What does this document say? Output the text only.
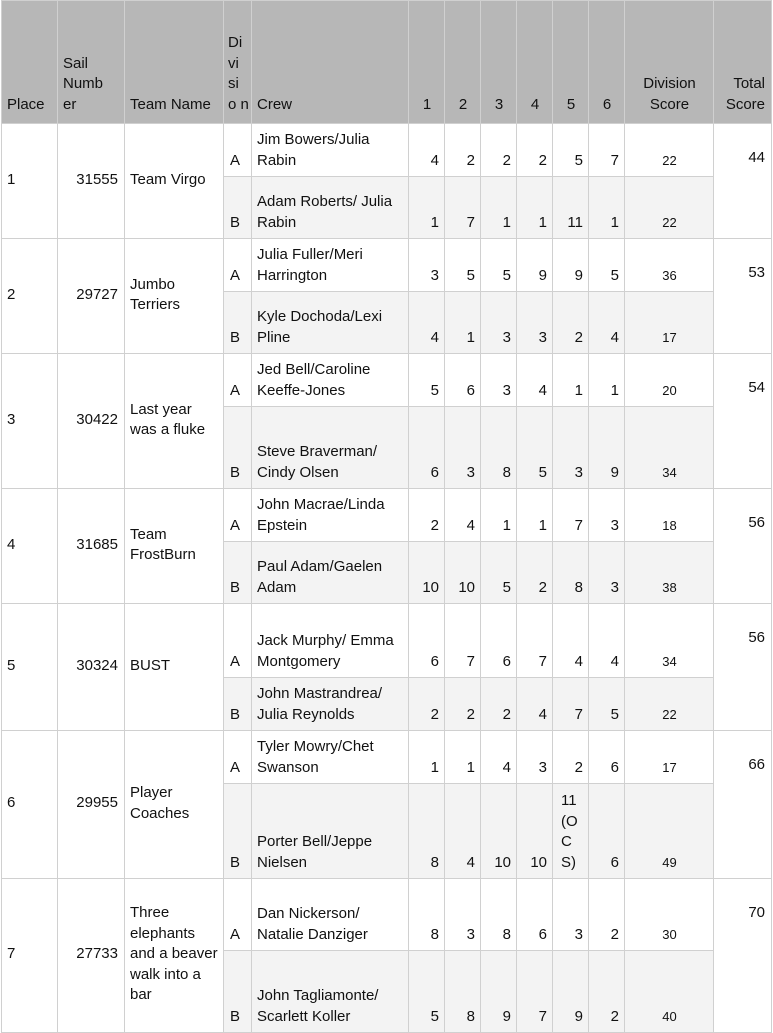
Place	Sail Numb er	Team Name	Di vi si o n	Crew	1	2	3	4	5	6	Division Score	Total Score
1	31555	Team Virgo	A	Jim Bowers/Julia Rabin	4	2	2	2	5	7	22	44
			B	Adam Roberts/ Julia Rabin	1	7	1	1	11	1	22	
2	29727	Jumbo Terriers	A	Julia Fuller/Meri Harrington	3	5	5	9	9	5	36	53
			B	Kyle Dochoda/Lexi Pline	4	1	3	3	2	4	17	
3	30422	Last year was a fluke	A	Jed Bell/Caroline Keeffe-Jones	5	6	3	4	1	1	20	54
			B	Steve Braverman/ Cindy Olsen	6	3	8	5	3	9	34	
4	31685	Team FrostBurn	A	John Macrae/Linda Epstein	2	4	1	1	7	3	18	56
			B	Paul Adam/Gaelen Adam	10	10	5	2	8	3	38	
5	30324	BUST	A	Jack Murphy/ Emma Montgomery	6	7	6	7	4	4	34	56
			B	John Mastrandrea/ Julia Reynolds	2	2	2	4	7	5	22	
6	29955	Player Coaches	A	Tyler Mowry/Chet Swanson	1	1	4	3	2	6	17	66
			B	Porter Bell/Jeppe Nielsen	8	4	10	10	11 (OCS)	6	49	
7	27733	Three elephants and a beaver walk into a bar	A	Dan Nickerson/ Natalie Danziger	8	3	8	6	3	2	30	70
			B	John Tagliamonte/ Scarlett Koller	5	8	9	7	9	2	40	
